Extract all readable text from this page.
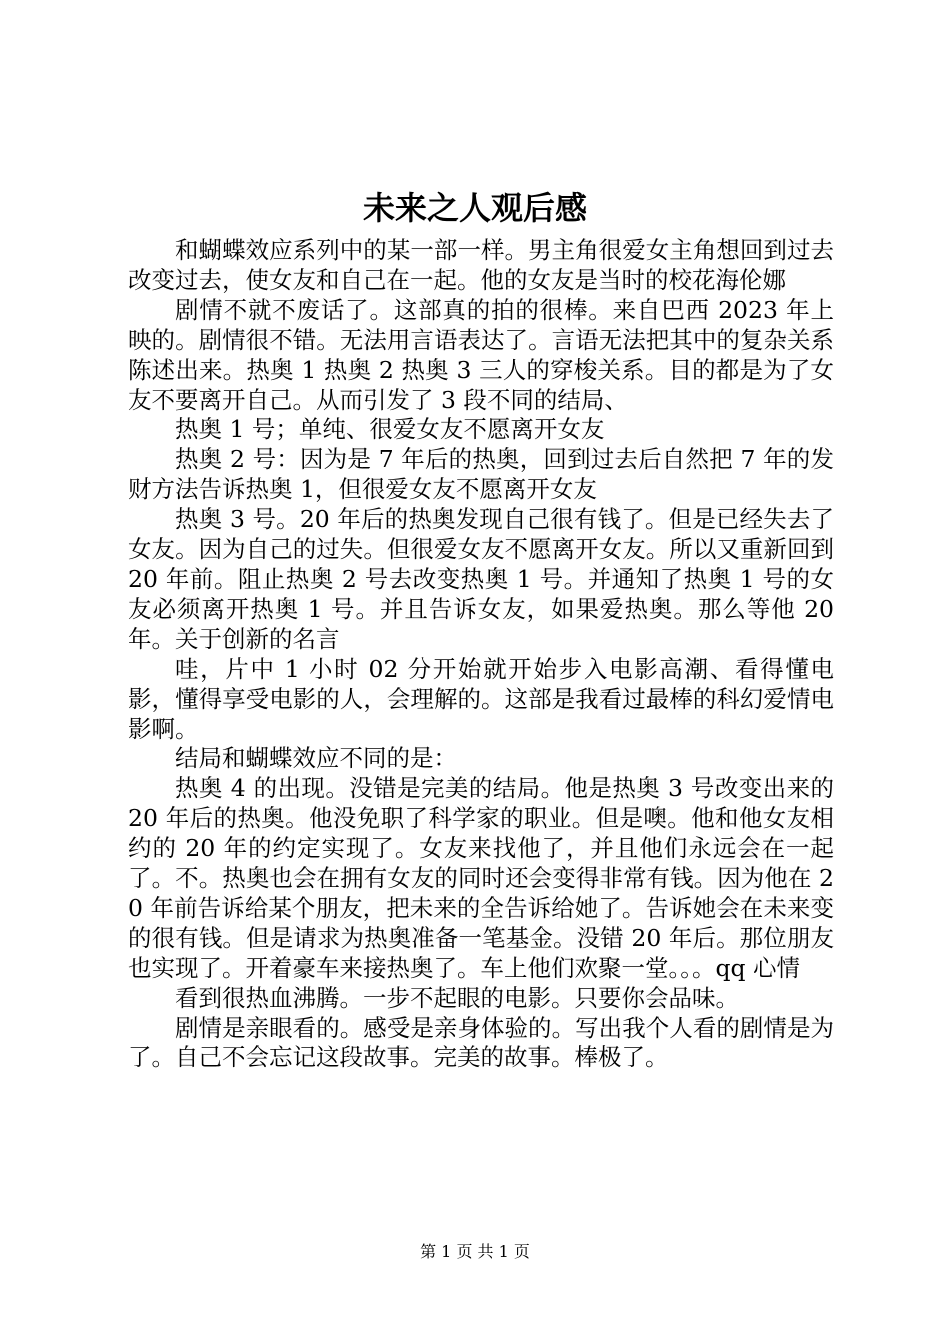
未来之人观后感

和蝴蝶效应系列中的某一部一样。男主角很爱女主角想回到过去改变过去，使女友和自己在一起。他的女友是当时的校花海伦娜

剧情不就不废话了。这部真的拍的很棒。来自巴西 2023 年上映的。剧情很不错。无法用言语表达了。言语无法把其中的复杂关系陈述出来。热奥 1 热奥 2 热奥 3 三人的穿梭关系。目的都是为了女友不要离开自己。从而引发了 3 段不同的结局、

热奥 1 号；单纯、很爱女友不愿离开女友

热奥 2 号：因为是 7 年后的热奥，回到过去后自然把 7 年的发财方法告诉热奥 1，但很爱女友不愿离开女友

热奥 3 号。20 年后的热奥发现自己很有钱了。但是已经失去了女友。因为自己的过失。但很爱女友不愿离开女友。所以又重新回到 20 年前。阻止热奥 2 号去改变热奥 1 号。并通知了热奥 1 号的女友必须离开热奥 1 号。并且告诉女友，如果爱热奥。那么等他 20 年。关于创新的名言

哇，片中 1 小时 02 分开始就开始步入电影高潮、看得懂电影，懂得享受电影的人，会理解的。这部是我看过最棒的科幻爱情电影啊。

结局和蝴蝶效应不同的是：

热奥 4 的出现。没错是完美的结局。他是热奥 3 号改变出来的 20 年后的热奥。他没免职了科学家的职业。但是噢。他和他女友相约的 20 年的约定实现了。女友来找他了，并且他们永远会在一起了。不。热奥也会在拥有女友的同时还会变得非常有钱。因为他在 20 年前告诉给某个朋友，把未来的全告诉给她了。告诉她会在未来变的很有钱。但是请求为热奥准备一笔基金。没错 20 年后。那位朋友也实现了。开着豪车来接热奥了。车上他们欢聚一堂。。。qq 心情

看到很热血沸腾。一步不起眼的电影。只要你会品味。

剧情是亲眼看的。感受是亲身体验的。写出我个人看的剧情是为了。自己不会忘记这段故事。完美的故事。棒极了。

第 1 页 共 1 页
